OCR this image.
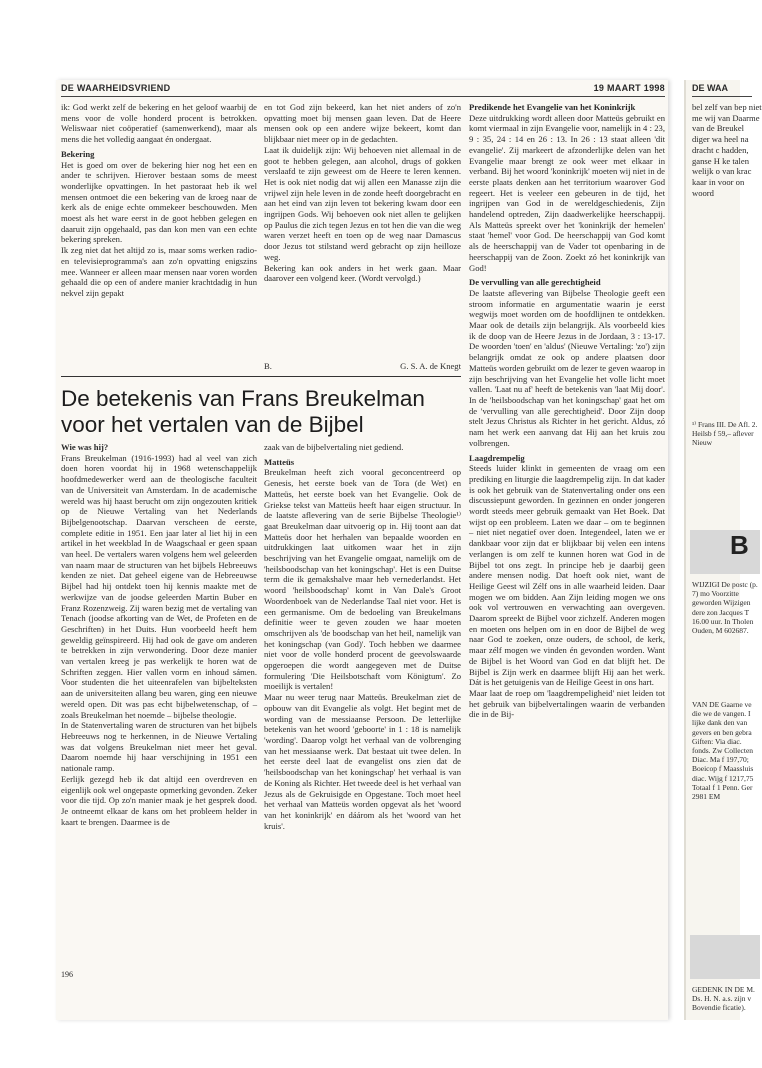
DE WAA
bel zelf van bep niet me wij van Daarme van de Breukel diger wa heel na dracht c hadden, ganse H ke talen welijk o van krac kaar in voor on woord
¹⁾ Frans III. De Afl. 2. Heilsb f 59,– aflever Nieuw
B
WIJZIGI De postc (p. 7) mo Voorzitte geworden Wijzigen dere zon Jacques T 16.00 uur. In Tholen Ouden, M 602687.
VAN DE Gaarne ve die we de vangen. I lijke dank den van gevers en ben gebra Giften: Via diac. fonds. Zw Collecten Diac. Ma f 197,70; Boeicop f Maassluis diac. Wijg f 1217,75 Totaal f 1 Penn. Ger 2981 EM
GEDENK IN DE M. Ds. H. N. a.s. zijn v Bovendie ficatie).
DE WAARHEIDSVRIEND	19 MAART 1998

ik: God werkt zelf de bekering en het geloof waarbij de mens voor de volle honderd procent is betrokken. Weliswaar niet coöperatief (samenwerkend), maar als mens die het volledig aangaat én ondergaat.

Bekering

Het is goed om over de bekering hier nog het een en ander te schrijven. Hierover bestaan soms de meest wonderlijke opvattingen. In het pastoraat heb ik wel mensen ontmoet die een bekering van de kroeg naar de kerk als de enige echte ommekeer beschouwden. Men moest als het ware eerst in de goot hebben gelegen en daaruit zijn opgehaald, pas dan kon men van een echte bekering spreken.

Ik zeg niet dat het altijd zo is, maar soms werken radio- en televisieprogramma's aan zo'n opvatting enigszins mee. Wanneer er alleen maar mensen naar voren worden gehaald die op een of andere manier krachtdadig in hun nekvel zijn gepakt

en tot God zijn bekeerd, kan het niet anders of zo'n opvatting moet bij mensen gaan leven. Dat de Heere mensen ook op een andere wijze bekeert, komt dan blijkbaar niet meer op in de gedachten.

Laat ik duidelijk zijn: Wij behoeven niet allemaal in de goot te hebben gelegen, aan alcohol, drugs of gokken verslaafd te zijn geweest om de Heere te leren kennen. Het is ook niet nodig dat wij allen een Manasse zijn die vrijwel zijn hele leven in de zonde heeft doorgebracht en aan het eind van zijn leven tot bekering kwam door een ingrijpen Gods. Wij behoeven ook niet allen te gelijken op Paulus die zich tegen Jezus en tot hen die van die weg waren verzet heeft en toen op de weg naar Damascus door Jezus tot stilstand werd gebracht op zijn heilloze weg.

Bekering kan ook anders in het werk gaan. Maar daarover een volgend keer. (Wordt vervolgd.)

B.	G. S. A. de Knegt
De betekenis van Frans Breukelman voor het vertalen van de Bijbel

Wie was hij?

Frans Breukelman (1916-1993) had al veel van zich doen horen voordat hij in 1968 wetenschappelijk hoofdmedewerker werd aan de theologische faculteit van de Universiteit van Amsterdam. In de academische wereld was hij haast berucht om zijn ongezouten kritiek op de Nieuwe Vertaling van het Nederlands Bijbelgenootschap. Daarvan verscheen de eerste, complete editie in 1951. Een jaar later al liet hij in een artikel in het weekblad In de Waagschaal er geen spaan van heel. De vertalers waren volgens hem wel geleerden van naam maar de structuren van het bijbels Hebreeuws kenden ze niet. Dat geheel eigene van de Hebreeuwse Bijbel had hij ontdekt toen hij kennis maakte met de werkwijze van de joodse geleerden Martin Buber en Franz Rozenzweig. Zij waren bezig met de vertaling van Tenach (joodse afkorting van de Wet, de Profeten en de Geschriften) in het Duits. Hun voorbeeld heeft hem geweldig geïnspireerd. Hij had ook de gave om anderen te betrekken in zijn verwondering. Door deze manier van vertalen kreeg je pas werkelijk te horen wat de Schriften zeggen. Hier vallen vorm en inhoud sámen. Voor studenten die het uiteenrafelen van bijbelteksten aan de universiteiten allang beu waren, ging een nieuwe wereld open. Dit was pas echt bijbelwetenschap, of – zoals Breukelman het noemde – bijbelse theologie.

In de Statenvertaling waren de structuren van het bijbels Hebreeuws nog te herkennen, in de Nieuwe Vertaling was dat volgens Breukelman niet meer het geval. Daarom noemde hij haar verschijning in 1951 een nationale ramp.

Eerlijk gezegd heb ik dat altijd een overdreven en eigenlijk ook wel ongepaste opmerking gevonden. Zeker voor die tijd. Op zo'n manier maak je het gesprek dood. Je ontneemt elkaar de kans om het probleem helder in kaart te brengen. Daarmee is de

zaak van de bijbelvertaling niet gediend.

Matteüs

Breukelman heeft zich vooral geconcentreerd op Genesis, het eerste boek van de Tora (de Wet) en Matteüs, het eerste boek van het Evangelie. Ook de Griekse tekst van Matteüs heeft haar eigen structuur. In de laatste aflevering van de serie Bijbelse Theologie¹⁾ gaat Breukelman daar uitvoerig op in. Hij toont aan dat Matteüs door het herhalen van bepaalde woorden en uitdrukkingen laat uitkomen waar het in zijn beschrijving van het Evangelie omgaat, namelijk om de 'heilsboodschap van het koningschap'. Het is een Duitse term die ik gemakshalve maar heb vernederlandst. Het woord 'heilsboodschap' komt in Van Dale's Groot Woordenboek van de Nederlandse Taal niet voor. Het is een germanisme. Om de bedoeling van Breukelmans definitie weer te geven zouden we haar moeten omschrijven als 'de boodschap van het heil, namelijk van het koningschap (van God)'. Toch hebben we daarmee niet voor de volle honderd procent de geevolswaarde opgeroepen die wordt aangegeven met de Duitse formulering 'Die Heilsbotschaft vom Königtum'. Zo moeilijk is vertalen!

Maar nu weer terug naar Matteüs. Breukelman ziet de opbouw van dit Evangelie als volgt. Het begint met de wording van de messiaanse Persoon. De letterlijke betekenis van het woord 'geboorte' in 1 : 18 is namelijk 'wording'. Daarop volgt het verhaal van de volbrenging van het messiaanse werk. Dat bestaat uit twee delen. In het eerste deel laat de evangelist ons zien dat de 'heilsboodschap van het koningschap' het verhaal is van de Koning als Richter. Het tweede deel is het verhaal van Jezus als de Gekruisigde en Opgestane. Toch moet heel het verhaal van Matteüs worden opgevat als het 'woord van het koninkrijk' en dáárom als het 'woord van het kruis'.

Predikende het Evangelie van het Koninkrijk

Deze uitdrukking wordt alleen door Matteüs gebruikt en komt viermaal in zijn Evangelie voor, namelijk in 4 : 23, 9 : 35, 24 : 14 en 26 : 13. In 26 : 13 staat alleen 'dit evangelie'. Zij markeert de afzonderlijke delen van het Evangelie maar brengt ze ook weer met elkaar in verband. Bij het woord 'koninkrijk' moeten wij niet in de eerste plaats denken aan het territorium waarover God regeert. Het is veeleer een gebeuren in de tijd, het ingrijpen van God in de wereldgeschiedenis, Zijn handelend optreden, Zijn daadwerkelijke heerschappij. Als Matteüs spreekt over het 'koninkrijk der hemelen' staat 'hemel' voor God. De heerschappij van God komt als de heerschappij van de Vader tot openbaring in de heerschappij van de Zoon. Zoekt zó het koninkrijk van God!

De vervulling van alle gerechtigheid

De laatste aflevering van Bijbelse Theologie geeft een stroom informatie en argumentatie waarin je eerst wegwijs moet worden om de hoofdlijnen te ontdekken. Maar ook de details zijn belangrijk. Als voorbeeld kies ik de doop van de Heere Jezus in de Jordaan, 3 : 13-17. De woorden 'toen' en 'aldus' (Nieuwe Vertaling: 'zo') zijn belangrijk omdat ze ook op andere plaatsen door Matteüs worden gebruikt om de lezer te geven waarop in zijn beschrijving van het Evangelie het volle licht moet vallen. 'Laat nu af' heeft de betekenis van 'laat Mij door'. In de 'heilsboodschap van het koningschap' gaat het om de 'vervulling van alle gerechtigheid'. Door Zijn doop stelt Jezus Christus als Richter in het gericht. Aldus, zó nam het werk een aanvang dat Hij aan het kruis zou volbrengen.

Laagdrempelig

Steeds luider klinkt in gemeenten de vraag om een prediking en liturgie die laagdrempelig zijn. In dat kader is ook het gebruik van de Statenvertaling onder ons een discussiepunt geworden. In gezinnen en onder jongeren wordt steeds meer gebruik gemaakt van Het Boek. Dat wijst op een probleem. Laten we daar – om te beginnen – niet niet negatief over doen. Integendeel, laten we er dankbaar voor zijn dat er blijkbaar bij velen een intens verlangen is om zelf te kunnen horen wat God in de Bijbel tot ons zegt. In principe heb je daarbij geen andere mensen nodig. Dat hoeft ook niet, want de Heilige Geest wil Zélf ons in alle waarheid leiden. Daar mogen we om bidden. Aan Zijn leiding mogen we ons ook vol vertrouwen en verwachting aan overgeven. Daarom spreekt de Bijbel voor zichzelf. Anderen mogen en moeten ons helpen om in en door de Bijbel de weg naar God te zoeken, onze ouders, de school, de kerk, maar zélf mogen we vinden én gevonden worden. Want de Bijbel is het Woord van God en dat blijft het. De Bijbel is Zijn werk en daarmee blijft Hij aan het werk. Dát is het getuigenis van de Heilige Geest in ons hart.

Maar laat de roep om 'laagdrempeligheid' niet leiden tot het gebruik van bijbelvertalingen waarin de verbanden die in de Bij-

196
